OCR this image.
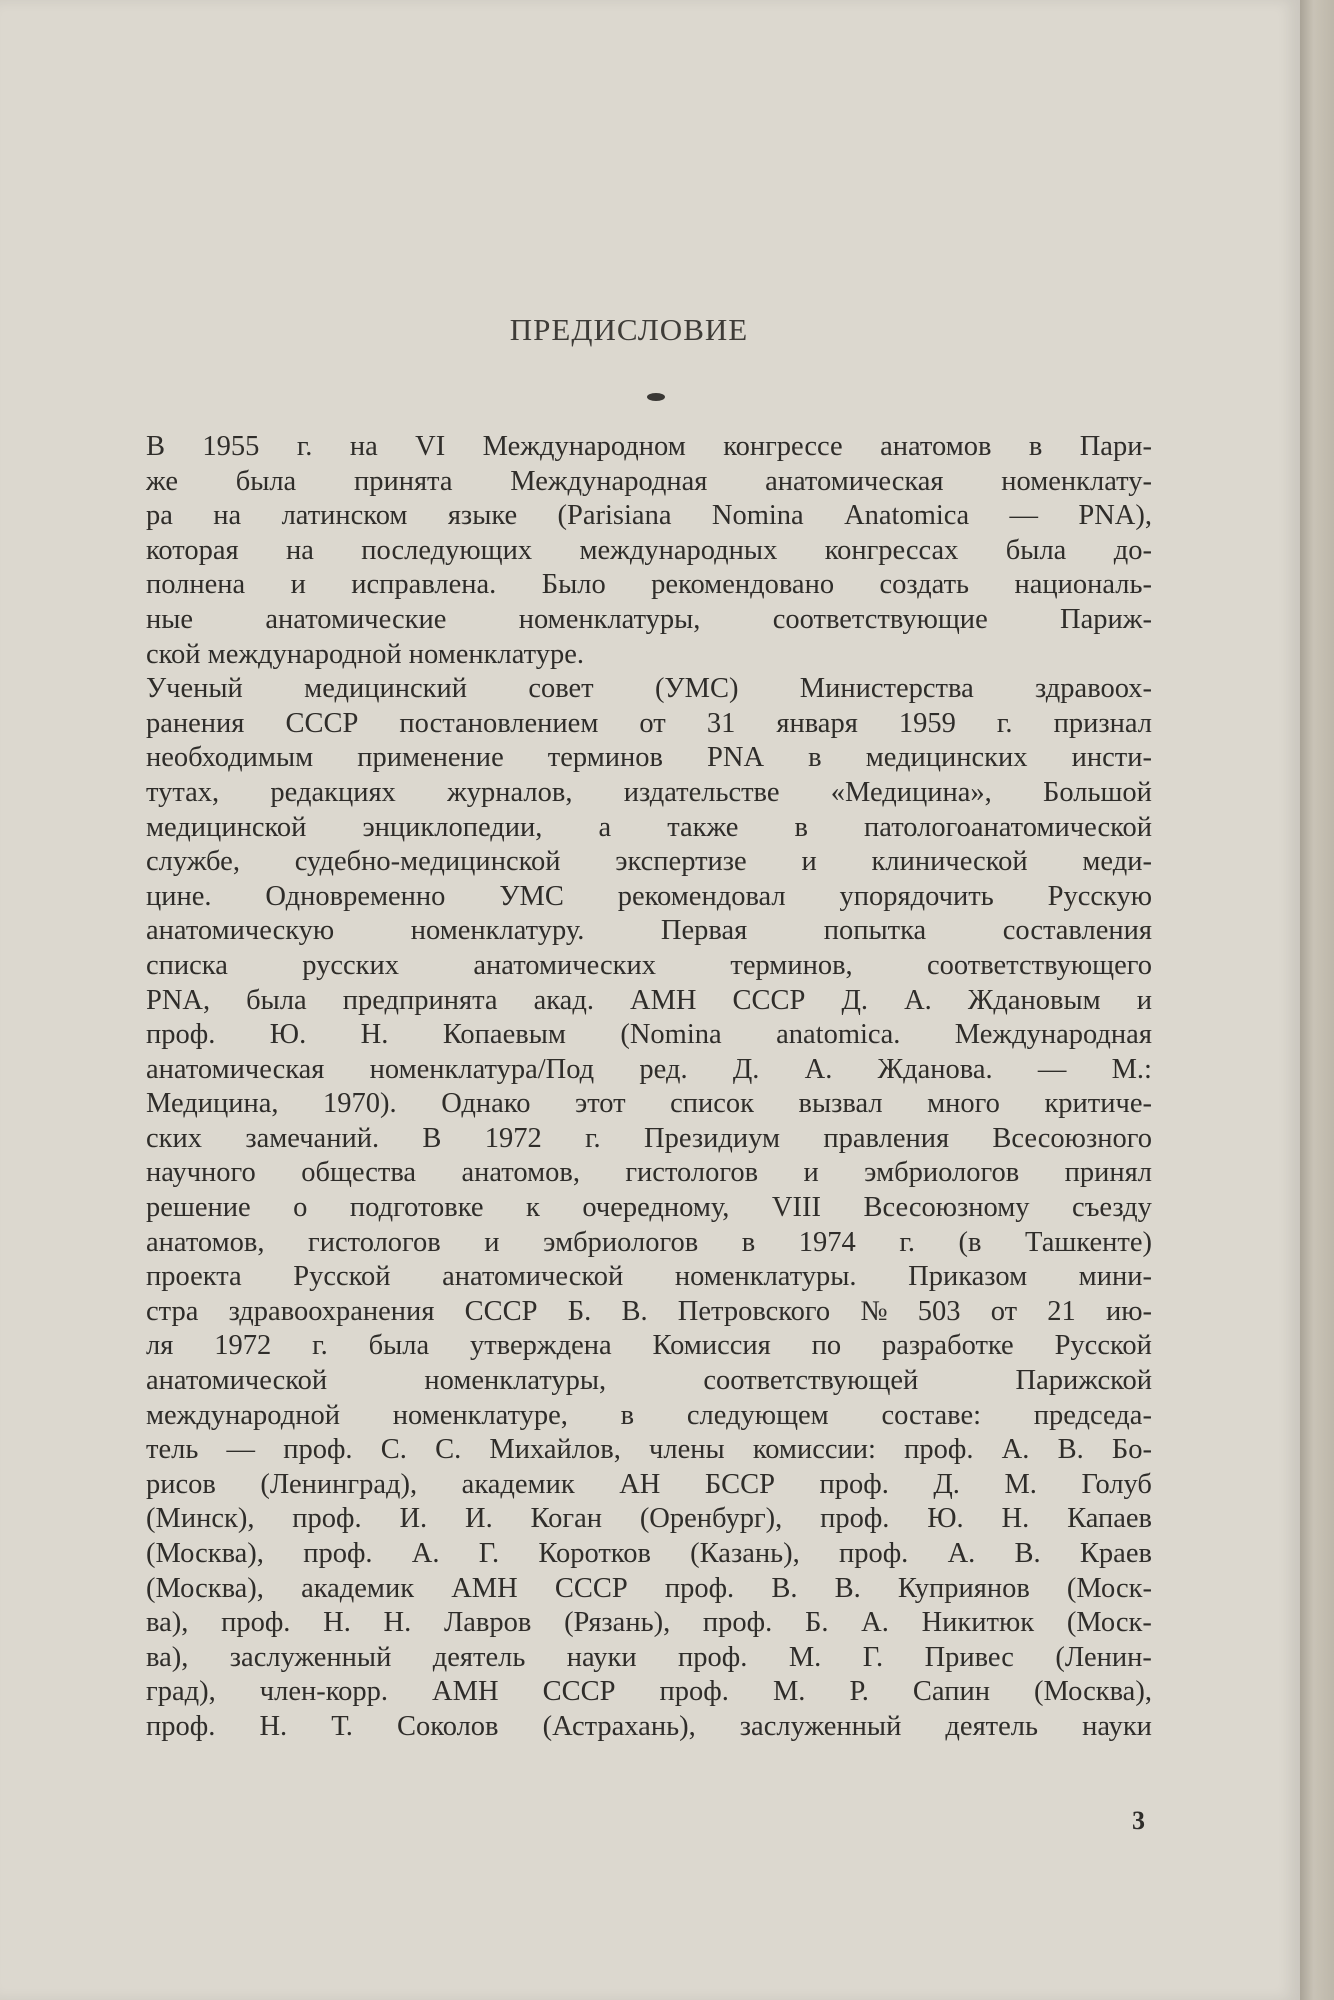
ПРЕДИСЛОВИЕ
В 1955 г. на VI Международном конгрессе анатомов в Пари-
же была принята Международная анатомическая номенклату-
ра на латинском языке (Parisiana Nomina Anatomica — PNA),
которая на последующих международных конгрессах была до-
полнена и исправлена. Было рекомендовано создать националь-
ные	анатомические	номенклатуры,	соответствующие	Париж-
ской международной номенклатуре.
Ученый медицинский совет (УМС) Министерства здравоох-
ранения СССР постановлением от 31 января 1959 г. признал
необходимым применение терминов PNA в медицинских инсти-
тутах, редакциях журналов, издательстве «Медицина», Большой
медицинской энциклопедии, а также в патологоанатомической
службе, судебно-медицинской экспертизе и клинической меди-
цине. Одновременно УМС рекомендовал упорядочить Русскую
анатомическую	номенклатуру.	Первая	попытка	составления
списка	русских	анатомических	терминов,	соответствующего
PNA, была предпринята акад. АМН СССР Д. А. Ждановым и
проф. Ю. Н. Копаевым (Nomina anatomica. Международная
анатомическая номенклатура/Под ред. Д. А. Жданова. — М.:
Медицина, 1970). Однако этот список вызвал много критиче-
ских замечаний. В 1972 г. Президиум правления Всесоюзного
научного общества анатомов, гистологов и эмбриологов принял
решение о подготовке к очередному, VIII Всесоюзному съезду
анатомов, гистологов и эмбриологов в 1974 г. (в Ташкенте)
проекта Русской анатомической номенклатуры. Приказом мини-
стра здравоохранения СССР Б. В. Петровского № 503 от 21 ию-
ля 1972 г. была утверждена Комиссия по разработке Русской
анатомической	номенклатуры,	соответствующей	Парижской
международной номенклатуре, в следующем составе: председа-
тель — проф. С. С. Михайлов, члены комиссии: проф. А. В. Бо-
рисов (Ленинград), академик АН БССР проф. Д. М. Голуб
(Минск), проф. И. И. Коган (Оренбург), проф. Ю. Н. Капаев
(Москва), проф. А. Г. Коротков (Казань), проф. А. В. Краев
(Москва), академик АМН СССР проф. В. В. Куприянов (Моск-
ва), проф. Н. Н. Лавров (Рязань), проф. Б. А. Никитюк (Моск-
ва), заслуженный деятель науки проф. М. Г. Привес (Ленин-
град), член-корр. АМН СССР проф. М. Р. Сапин (Москва),
проф. Н. Т. Соколов (Астрахань), заслуженный деятель науки
3
